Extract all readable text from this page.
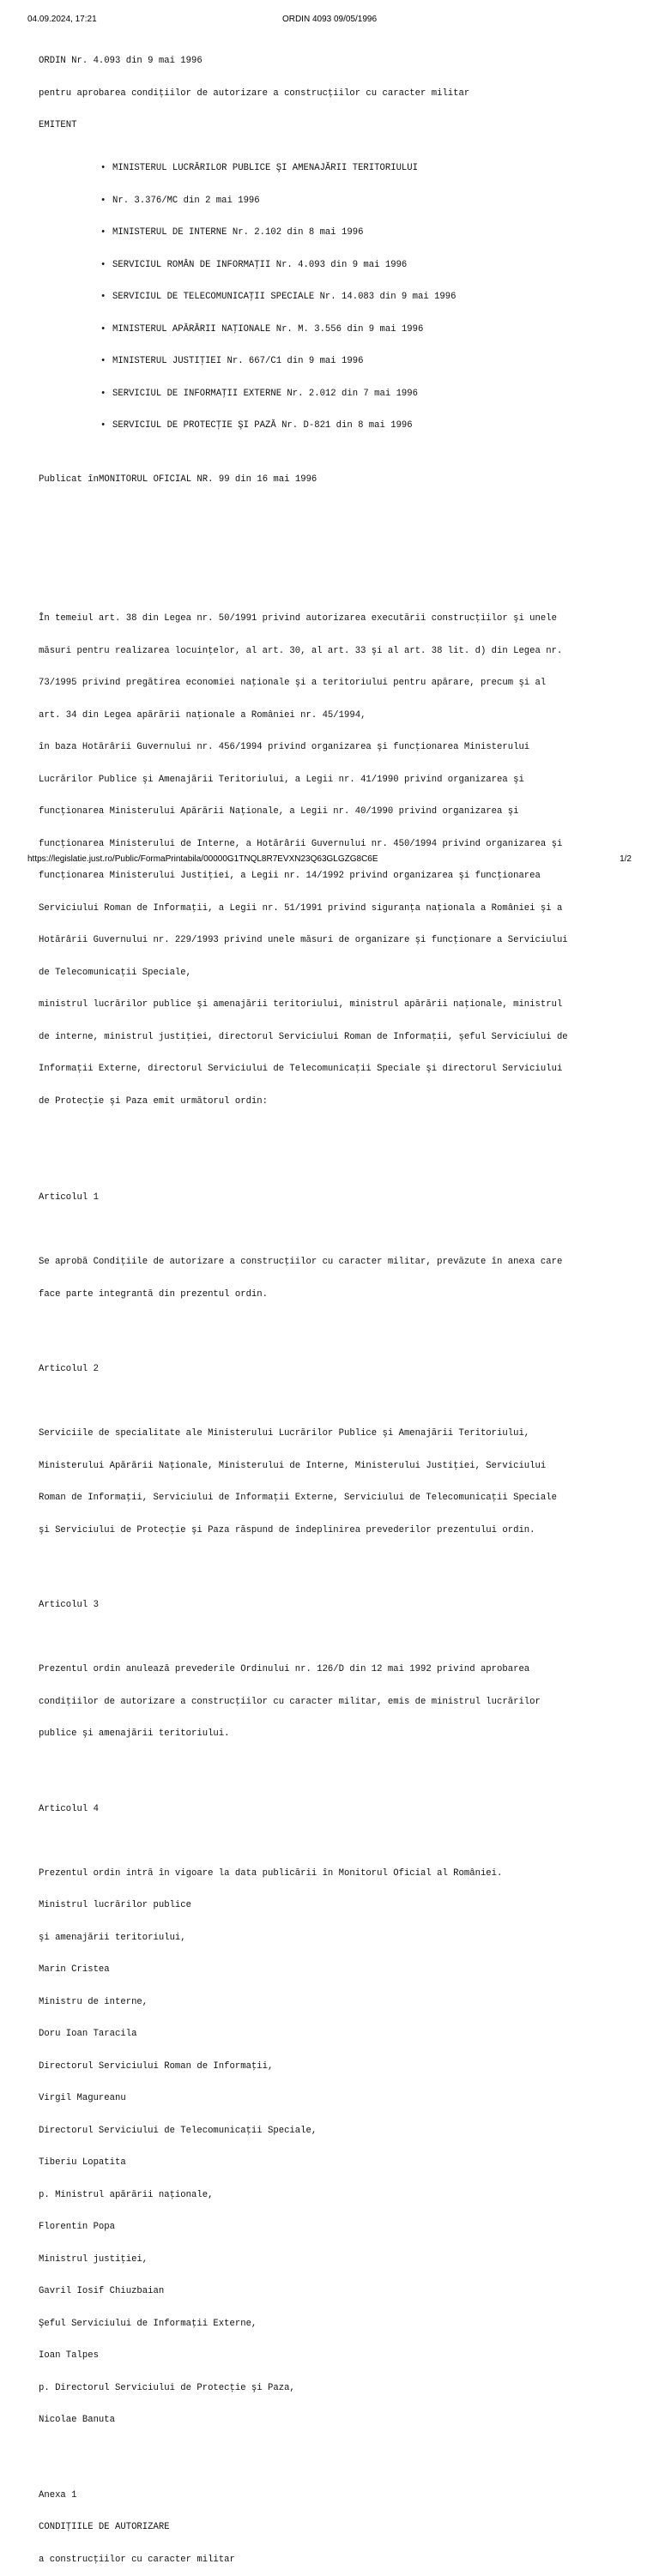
04.09.2024, 17:21	ORDIN 4093 09/05/1996

ORDIN Nr. 4.093 din 9 mai 1996

pentru aprobarea condițiilor de autorizare a construcțiilor cu caracter militar

EMITENT

• MINISTERUL LUCRĂRILOR PUBLICE ŞI AMENAJĂRII TERITORIULUI

• Nr. 3.376/MC din 2 mai 1996

• MINISTERUL DE INTERNE Nr. 2.102 din 8 mai 1996

• SERVICIUL ROMÂN DE INFORMAŢII Nr. 4.093 din 9 mai 1996

• SERVICIUL DE TELECOMUNICAŢII SPECIALE Nr. 14.083 din 9 mai 1996

• MINISTERUL APĂRĂRII NAŢIONALE Nr. M. 3.556 din 9 mai 1996

• MINISTERUL JUSTIŢIEI Nr. 667/C1 din 9 mai 1996

• SERVICIUL DE INFORMAŢII EXTERNE Nr. 2.012 din 7 mai 1996

• SERVICIUL DE PROTECŢIE ŞI PAZĂ Nr. D-821 din 8 mai 1996

Publicat în MONITORUL OFICIAL NR. 99 din 16 mai 1996

În temeiul art. 38 din Legea nr. 50/1991 privind autorizarea executării construcţiilor şi unele

măsuri pentru realizarea locuinţelor, al art. 30, al art. 33 şi al art. 38 lit. d) din Legea nr.

73/1995 privind pregătirea economiei naţionale şi a teritoriului pentru apărare, precum şi al

art. 34 din Legea apărării naţionale a României nr. 45/1994,

în baza Hotărârii Guvernului nr. 456/1994 privind organizarea şi funcţionarea Ministerului

Lucrărilor Publice şi Amenajării Teritoriului, a Legii nr. 41/1990 privind organizarea şi

funcţionarea Ministerului Apărării Naţionale, a Legii nr. 40/1990 privind organizarea şi

funcţionarea Ministerului de Interne, a Hotărârii Guvernului nr. 450/1994 privind organizarea şi

funcţionarea Ministerului Justiţiei, a Legii nr. 14/1992 privind organizarea şi funcţionarea

Serviciului Roman de Informaţii, a Legii nr. 51/1991 privind siguranţa naţionala a României şi a

Hotărârii Guvernului nr. 229/1993 privind unele măsuri de organizare şi funcţionare a Serviciului

de Telecomunicaţii Speciale,

ministrul lucrărilor publice şi amenajării teritoriului, ministrul apărării naţionale, ministrul

de interne, ministrul justiţiei, directorul Serviciului Roman de Informaţii, şeful Serviciului de

Informaţii Externe, directorul Serviciului de Telecomunicaţii Speciale şi directorul Serviciului

de Protecţie şi Paza emit următorul ordin:

Articolul 1

Se aprobă Condiţiile de autorizare a construcţiilor cu caracter militar, prevăzute în anexa care

face parte integrantă din prezentul ordin.

Articolul 2

Serviciile de specialitate ale Ministerului Lucrărilor Publice şi Amenajării Teritoriului,

Ministerului Apărării Naţionale, Ministerului de Interne, Ministerului Justiţiei, Serviciului

Roman de Informaţii, Serviciului de Informaţii Externe, Serviciului de Telecomunicaţii Speciale

şi Serviciului de Protecţie şi Paza răspund de îndeplinirea prevederilor prezentului ordin.

Articolul 3

Prezentul ordin anulează prevederile Ordinului nr. 126/D din 12 mai 1992 privind aprobarea

condiţiilor de autorizare a construcţiilor cu caracter militar, emis de ministrul lucrărilor

publice şi amenajării teritoriului.

Articolul 4

Prezentul ordin intră în vigoare la data publicării în Monitorul Oficial al României.

Ministrul lucrărilor publice

şi amenajării teritoriului,

Marin Cristea

Ministru de interne,

Doru Ioan Taracila

Directorul Serviciului Roman de Informaţii,

Virgil Magureanu

Directorul Serviciului de Telecomunicaţii Speciale,

Tiberiu Lopatita

p. Ministrul apărării naţionale,

Florentin Popa

Ministrul justiţiei,

Gavril Iosif Chiuzbaian

Şeful Serviciului de Informaţii Externe,

Ioan Talpes

p. Directorul Serviciului de Protecţie şi Paza,

Nicolae Banuta

Anexa 1

CONDIŢIILE DE AUTORIZARE

a construcţiilor cu caracter militar

https://legislatie.just.ro/Public/FormaPrintabila/00000G1TNQL8R7EVXN23Q63GLGZG8C6E	1/2
